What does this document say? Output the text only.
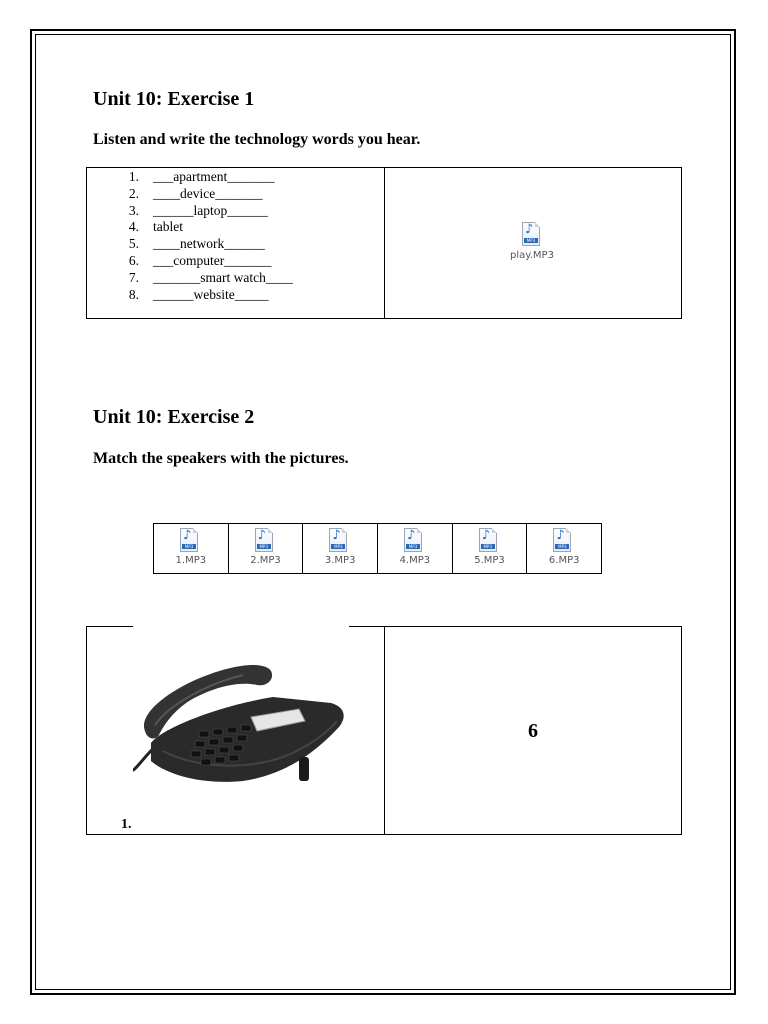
Unit 10: Exercise 1

Listen and write the technology words you hear.

1. ___apartment_______
2. ____device_______
3. ______laptop______
4. tablet
5. ____network______
6. ___computer_______
7. _______smart watch____
8. ______website_____
♪
MP3
play.MP3
Unit 10: Exercise 2

Match the speakers with the pictures.

♪
MP3
1.MP3
♪
MP3
2.MP3
♪
MP3
3.MP3
♪
MP3
4.MP3
♪
MP3
5.MP3
♪
MP3
6.MP3
1.
6
